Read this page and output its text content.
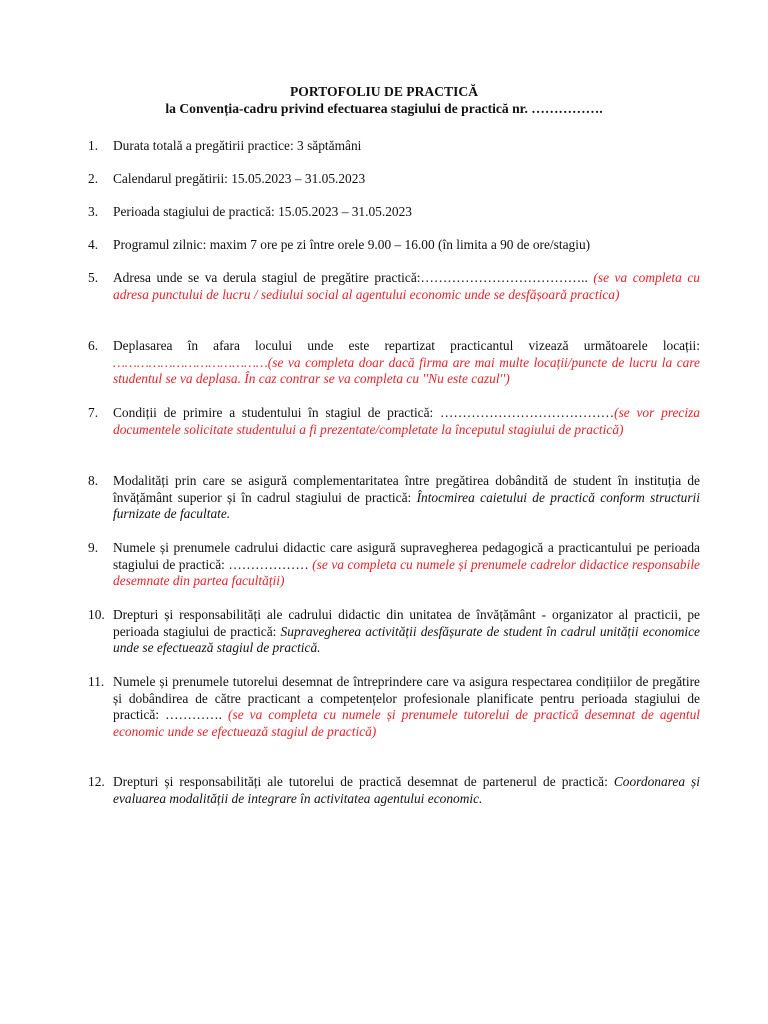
PORTOFOLIU DE PRACTICĂ
la Convenția-cadru privind efectuarea stagiului de practică nr. …………….
1. Durata totală a pregătirii practice: 3 săptămâni
2. Calendarul pregătirii: 15.05.2023 – 31.05.2023
3. Perioada stagiului de practică: 15.05.2023 – 31.05.2023
4. Programul zilnic: maxim 7 ore pe zi între orele 9.00 – 16.00 (în limita a 90 de ore/stagiu)
5. Adresa unde se va derula stagiul de pregătire practică:……………………………….. (se va completa cu adresa punctului de lucru / sediului social al agentului economic unde se desfășoară practica)
6. Deplasarea în afara locului unde este repartizat practicantul vizează următoarele locații: …………………………………(se va completa doar dacă firma are mai multe locații/puncte de lucru la care studentul se va deplasa. În caz contrar se va completa cu ''Nu este cazul'')
7. Condiții de primire a studentului în stagiul de practică: …………………………………(se vor preciza documentele solicitate studentului a fi prezentate/completate la începutul stagiului de practică)
8. Modalități prin care se asigură complementaritatea între pregătirea dobândită de student în instituția de învățământ superior și în cadrul stagiului de practică: Întocmirea caietului de practică conform structurii furnizate de facultate.
9. Numele și prenumele cadrului didactic care asigură supravegherea pedagogică a practicantului pe perioada stagiului de practică: ……………… (se va completa cu numele și prenumele cadrelor didactice responsabile desemnate din partea facultății)
10. Drepturi și responsabilități ale cadrului didactic din unitatea de învățământ - organizator al practicii, pe perioada stagiului de practică: Supravegherea activității desfășurate de student în cadrul unității economice unde se efectuează stagiul de practică.
11. Numele și prenumele tutorelui desemnat de întreprindere care va asigura respectarea condițiilor de pregătire și dobândirea de către practicant a competențelor profesionale planificate pentru perioada stagiului de practică: …………. (se va completa cu numele și prenumele tutorelui de practică desemnat de agentul economic unde se efectuează stagiul de practică)
12. Drepturi și responsabilități ale tutorelui de practică desemnat de partenerul de practică: Coordonarea și evaluarea modalității de integrare în activitatea agentului economic.
